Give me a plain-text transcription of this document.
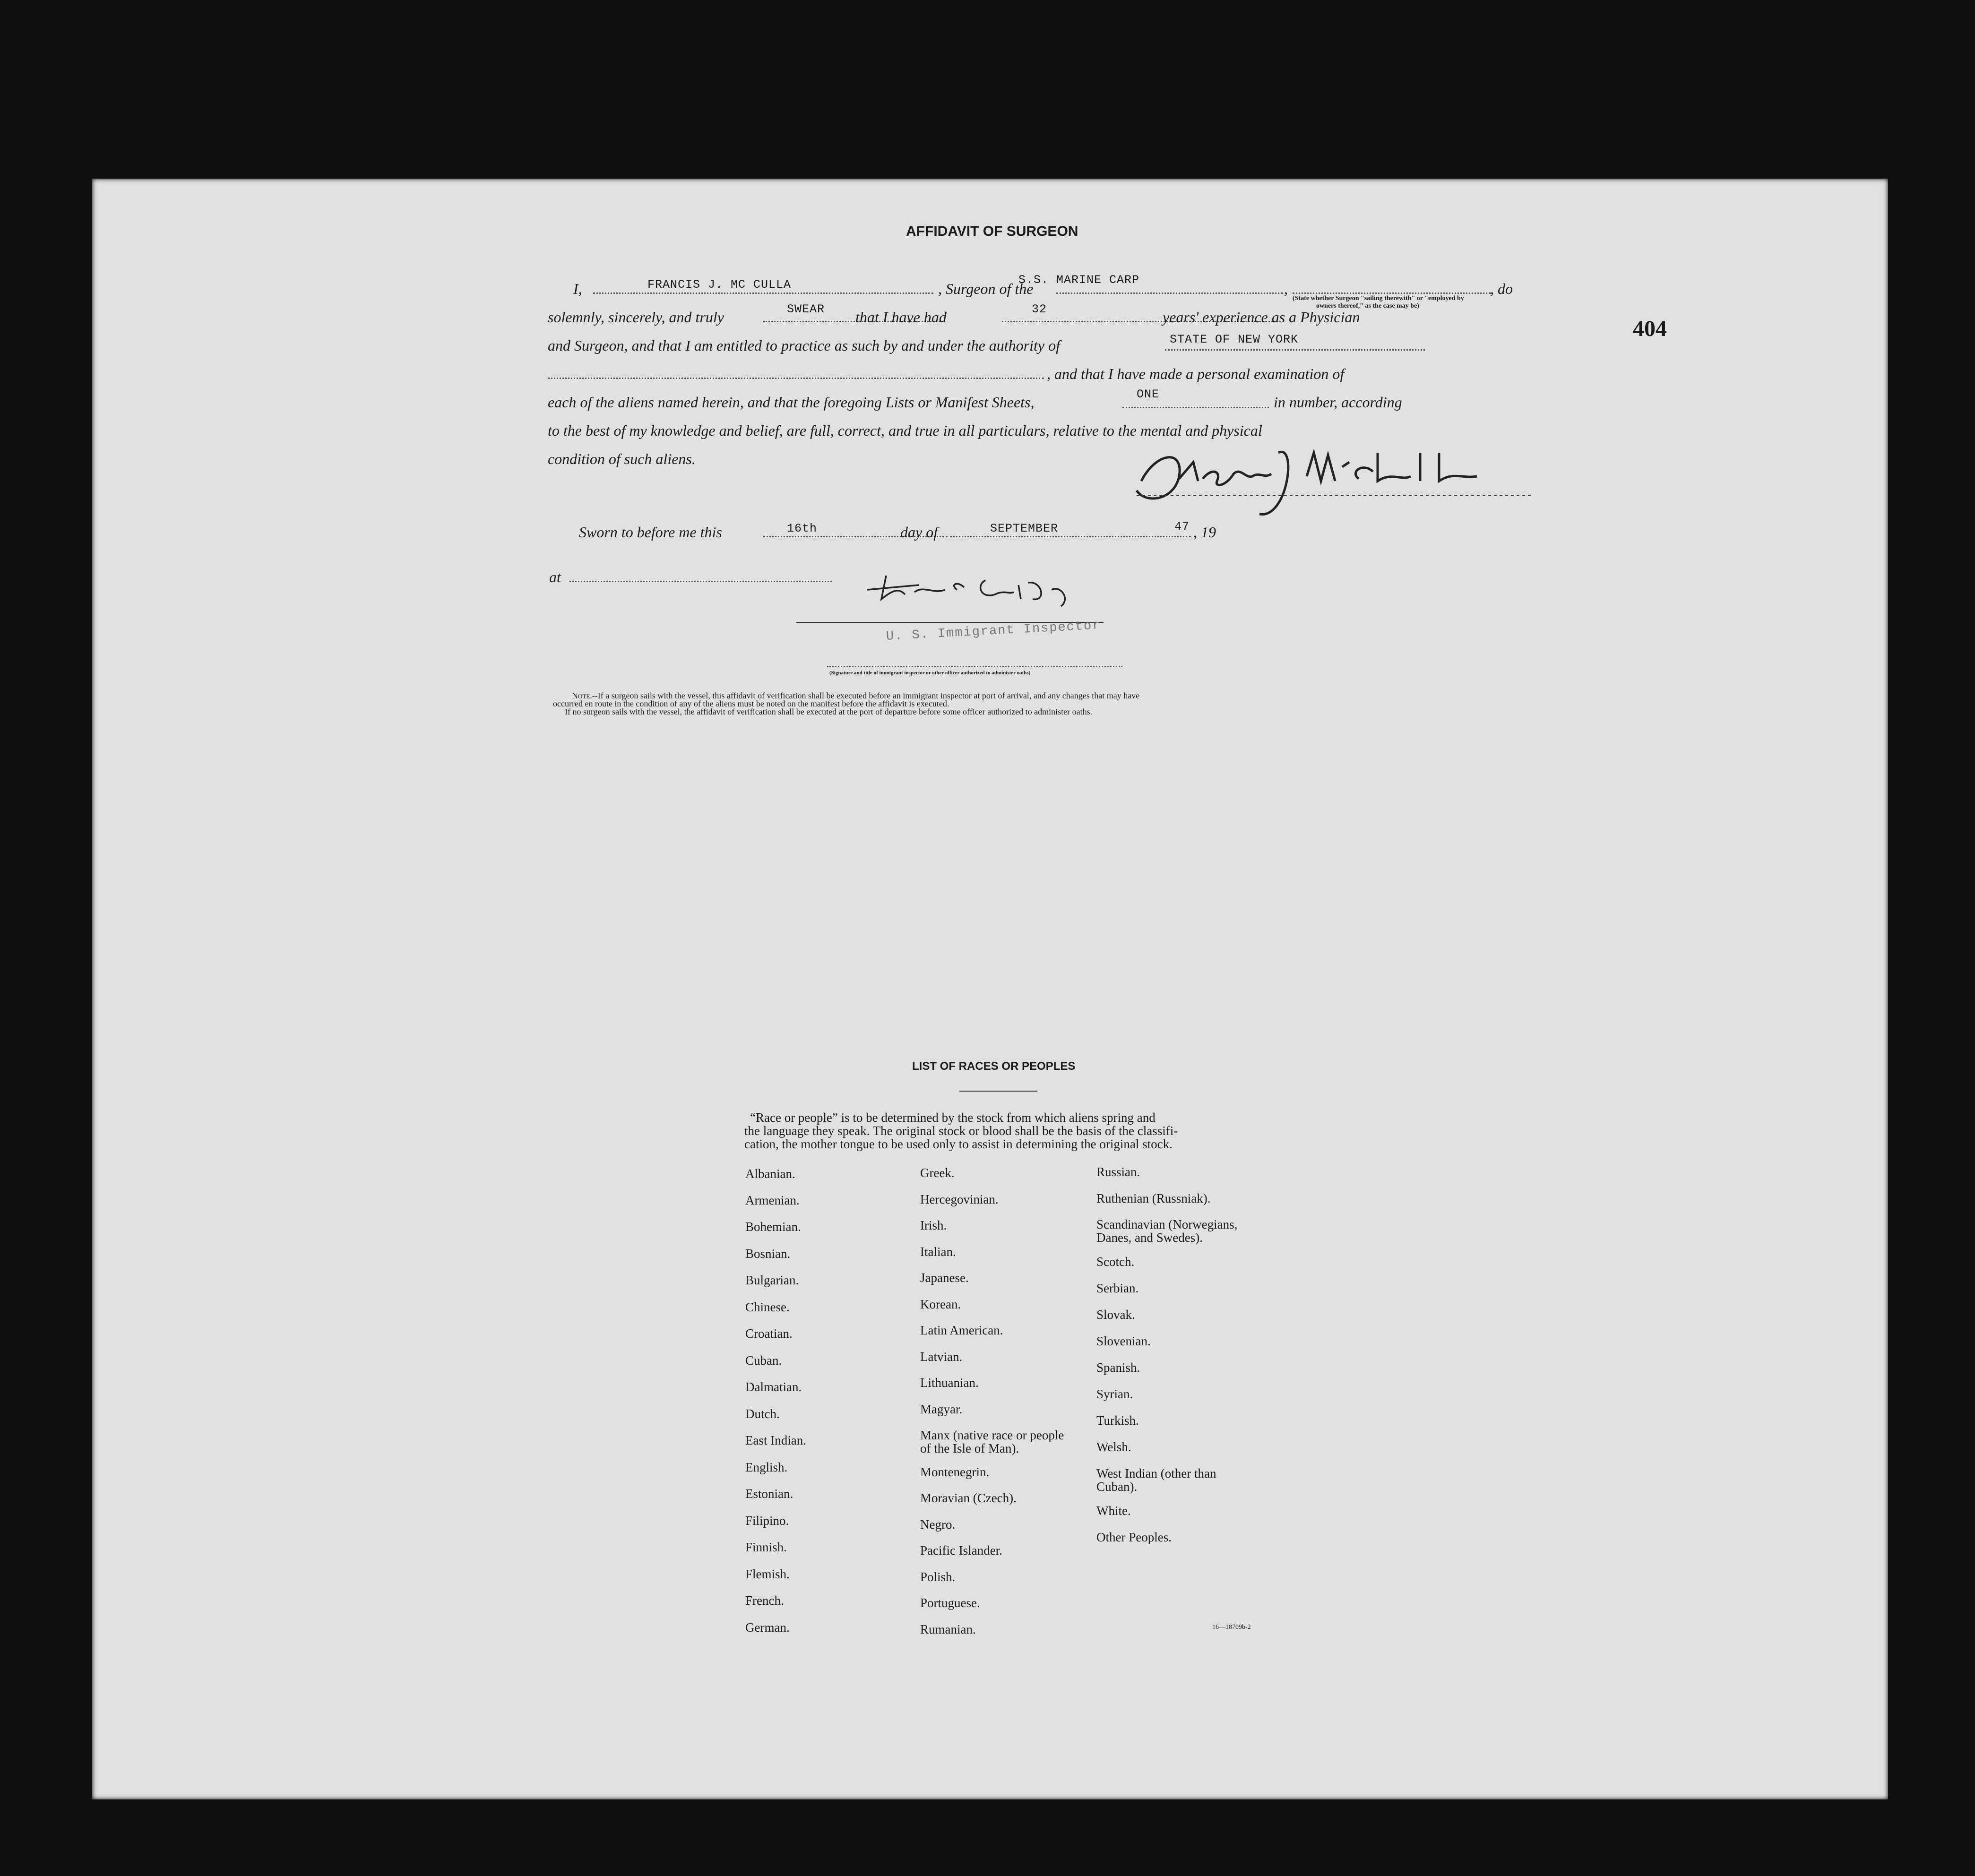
404
AFFIDAVIT OF SURGEON
I,	FRANCIS J. MC CULLA	, Surgeon of the
S.S. MARINE CARP
,	, do
(State whether Surgeon "sailing therewith" or "employed by
owners thereof," as the case may be)
solemnly, sincerely, and truly	SWEAR that I have had	32	years' experience as a Physician
and Surgeon, and that I am entitled to practice as such by and under the authority of	STATE OF NEW YORK
, and that I have made a personal examination of
each of the aliens named herein, and that the foregoing Lists or Manifest Sheets,	ONE	in number, according
to the best of my knowledge and belief, are full, correct, and true in all particulars, relative to the mental and physical
condition of such aliens.
Sworn to before me this	16th	day of	SEPTEMBER	, 19
47
at
U. S. Immigrant Inspector
(Signature and title of immigrant inspector or other officer authorized to administer oaths)
Note.--If a surgeon sails with the vessel, this affidavit of verification shall be executed before an immigrant inspector at port of arrival, and any changes that may have
occurred en route in the condition of any of the aliens must be noted on the manifest before the affidavit is executed.
If no surgeon sails with the vessel, the affidavit of verification shall be executed at the port of departure before some officer authorized to administer oaths.
LIST OF RACES OR PEOPLES
“Race or people” is to be determined by the stock from which aliens spring and
the language they speak. The original stock or blood shall be the basis of the classifi-
cation, the mother tongue to be used only to assist in determining the original stock.
Albanian.
Armenian.
Bohemian.
Bosnian.
Bulgarian.
Chinese.
Croatian.
Cuban.
Dalmatian.
Dutch.
East Indian.
English.
Estonian.
Filipino.
Finnish.
Flemish.
French.
German.
Greek.
Hercegovinian.
Irish.
Italian.
Japanese.
Korean.
Latin American.
Latvian.
Lithuanian.
Magyar.
Manx (native race or people of the Isle of Man).
Montenegrin.
Moravian (Czech).
Negro.
Pacific Islander.
Polish.
Portuguese.
Rumanian.
Russian.
Ruthenian (Russniak).
Scandinavian (Norwegians, Danes, and Swedes).
Scotch.
Serbian.
Slovak.
Slovenian.
Spanish.
Syrian.
Turkish.
Welsh.
West Indian (other than Cuban).
White.
Other Peoples.
16—18709b-2
